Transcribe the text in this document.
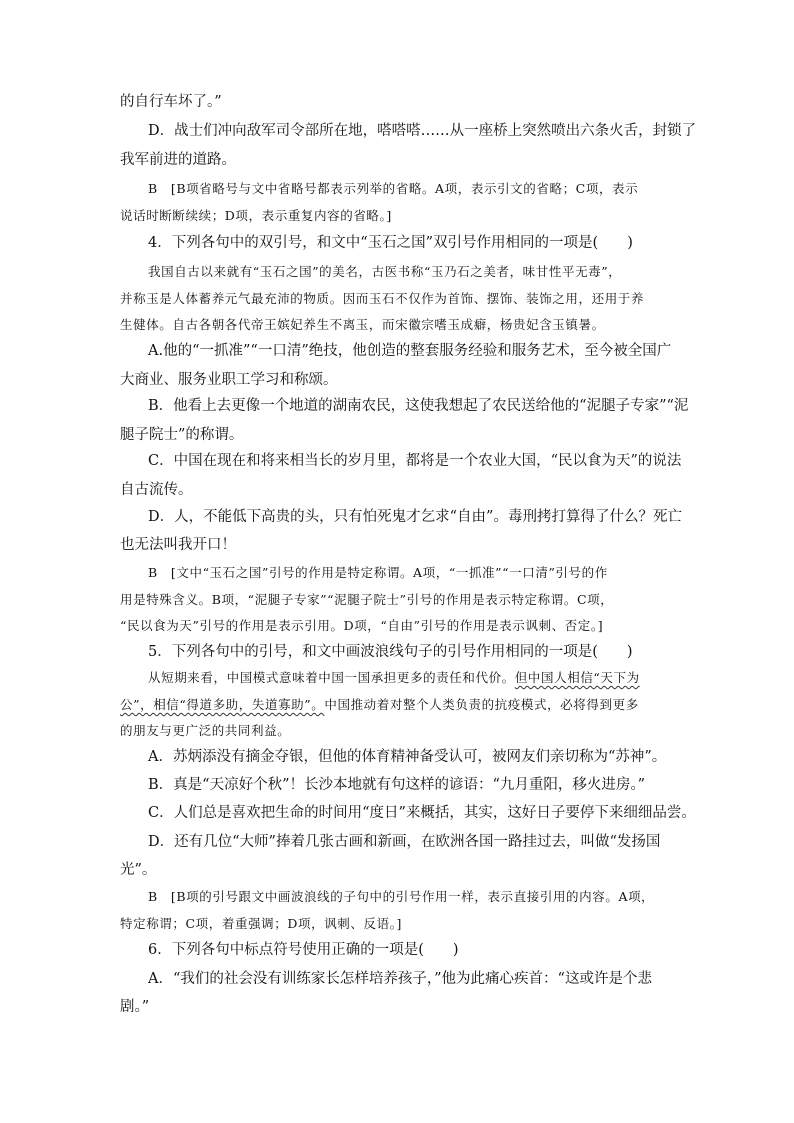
的自行车坏了。”
D．战士们冲向敌军司令部所在地，嗒嗒嗒……从一座桥上突然喷出六条火舌，封锁了
我军前进的道路。
B　[B项省略号与文中省略号都表示列举的省略。A项，表示引文的省略；C项，表示
说话时断断续续；D项，表示重复内容的省略。]
4．下列各句中的双引号，和文中“玉石之国”双引号作用相同的一项是(　　)
我国自古以来就有“玉石之国”的美名，古医书称“玉乃石之美者，味甘性平无毒”，
并称玉是人体蓄养元气最充沛的物质。因而玉石不仅作为首饰、摆饰、装饰之用，还用于养
生健体。自古各朝各代帝王嫔妃养生不离玉，而宋徽宗嗜玉成癖，杨贵妃含玉镇暑。
A.他的“一抓准”“一口清”绝技，他创造的整套服务经验和服务艺术，至今被全国广
大商业、服务业职工学习和称颂。
B．他看上去更像一个地道的湖南农民，这使我想起了农民送给他的“泥腿子专家”“泥
腿子院士”的称谓。
C．中国在现在和将来相当长的岁月里，都将是一个农业大国，“民以食为天”的说法
自古流传。
D．人，不能低下高贵的头，只有怕死鬼才乞求“自由”。毒刑拷打算得了什么？死亡
也无法叫我开口！
B　[文中“玉石之国”引号的作用是特定称谓。A项，“一抓准”“一口清”引号的作
用是特殊含义。B项，“泥腿子专家”“泥腿子院士”引号的作用是表示特定称谓。C项，
“民以食为天”引号的作用是表示引用。D项，“自由”引号的作用是表示讽刺、否定。]
5．下列各句中的引号，和文中画波浪线句子的引号作用相同的一项是(　　)
从短期来看，中国模式意味着中国一国承担更多的责任和代价。但中国人相信“天下为
公”，相信“得道多助，失道寡助”。中国推动着对整个人类负责的抗疫模式，必将得到更多
的朋友与更广泛的共同利益。
A．苏炳添没有摘金夺银，但他的体育精神备受认可，被网友们亲切称为“苏神”。
B．真是“天凉好个秋”！长沙本地就有句这样的谚语：“九月重阳，移火进房。”
C．人们总是喜欢把生命的时间用“度日”来概括，其实，这好日子要停下来细细品尝。
D．还有几位“大师”捧着几张古画和新画，在欧洲各国一路挂过去，叫做“发扬国
光”。
B　[B项的引号跟文中画波浪线的子句中的引号作用一样，表示直接引用的内容。A项，
特定称谓；C项，着重强调；D项，讽刺、反语。]
6．下列各句中标点符号使用正确的一项是(　　)
A．“我们的社会没有训练家长怎样培养孩子，”他为此痛心疾首：“这或许是个悲
剧。”
